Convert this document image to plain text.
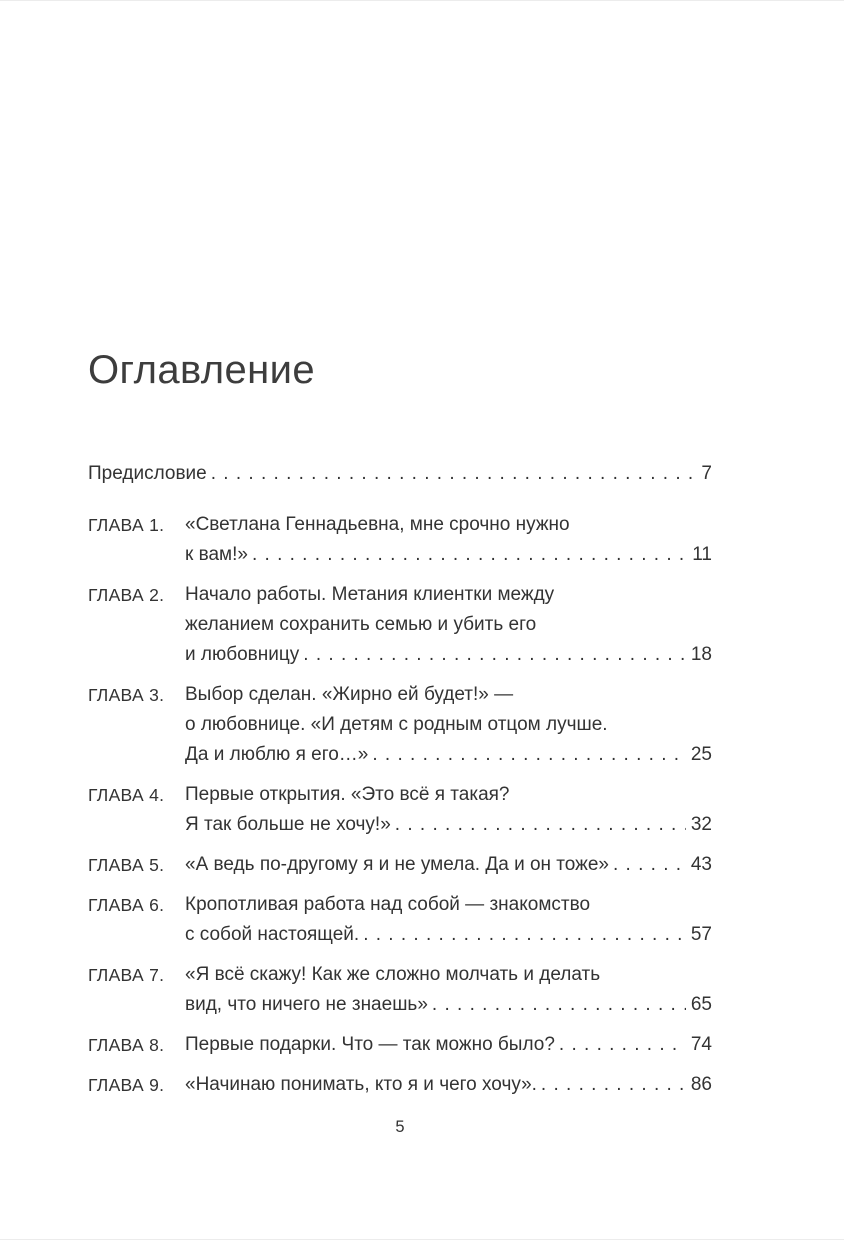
Оглавление
Предисловие . . .	7
ГЛАВА 1.	«Светлана Геннадьевна, мне срочно нужно
к вам!» . . .	11
ГЛАВА 2.	Начало работы. Метания клиентки между
желанием сохранить семью и убить его
и любовницу . . .	18
ГЛАВА 3.	Выбор сделан. «Жирно ей будет!» —
о любовнице. «И детям с родным отцом лучше.
Да и люблю я его…» . . .	25
ГЛАВА 4.	Первые открытия. «Это всё я такая?
Я так больше не хочу!» . . .	32
ГЛАВА 5.	«А ведь по-другому я и не умела. Да и он тоже» . . .	43
ГЛАВА 6.	Кропотливая работа над собой — знакомство
с собой настоящей. . . .	57
ГЛАВА 7.	«Я всё скажу! Как же сложно молчать и делать
вид, что ничего не знаешь» . . .	65
ГЛАВА 8.	Первые подарки. Что — так можно было? . . .	74
ГЛАВА 9.	«Начинаю понимать, кто я и чего хочу». . . .	86
5
